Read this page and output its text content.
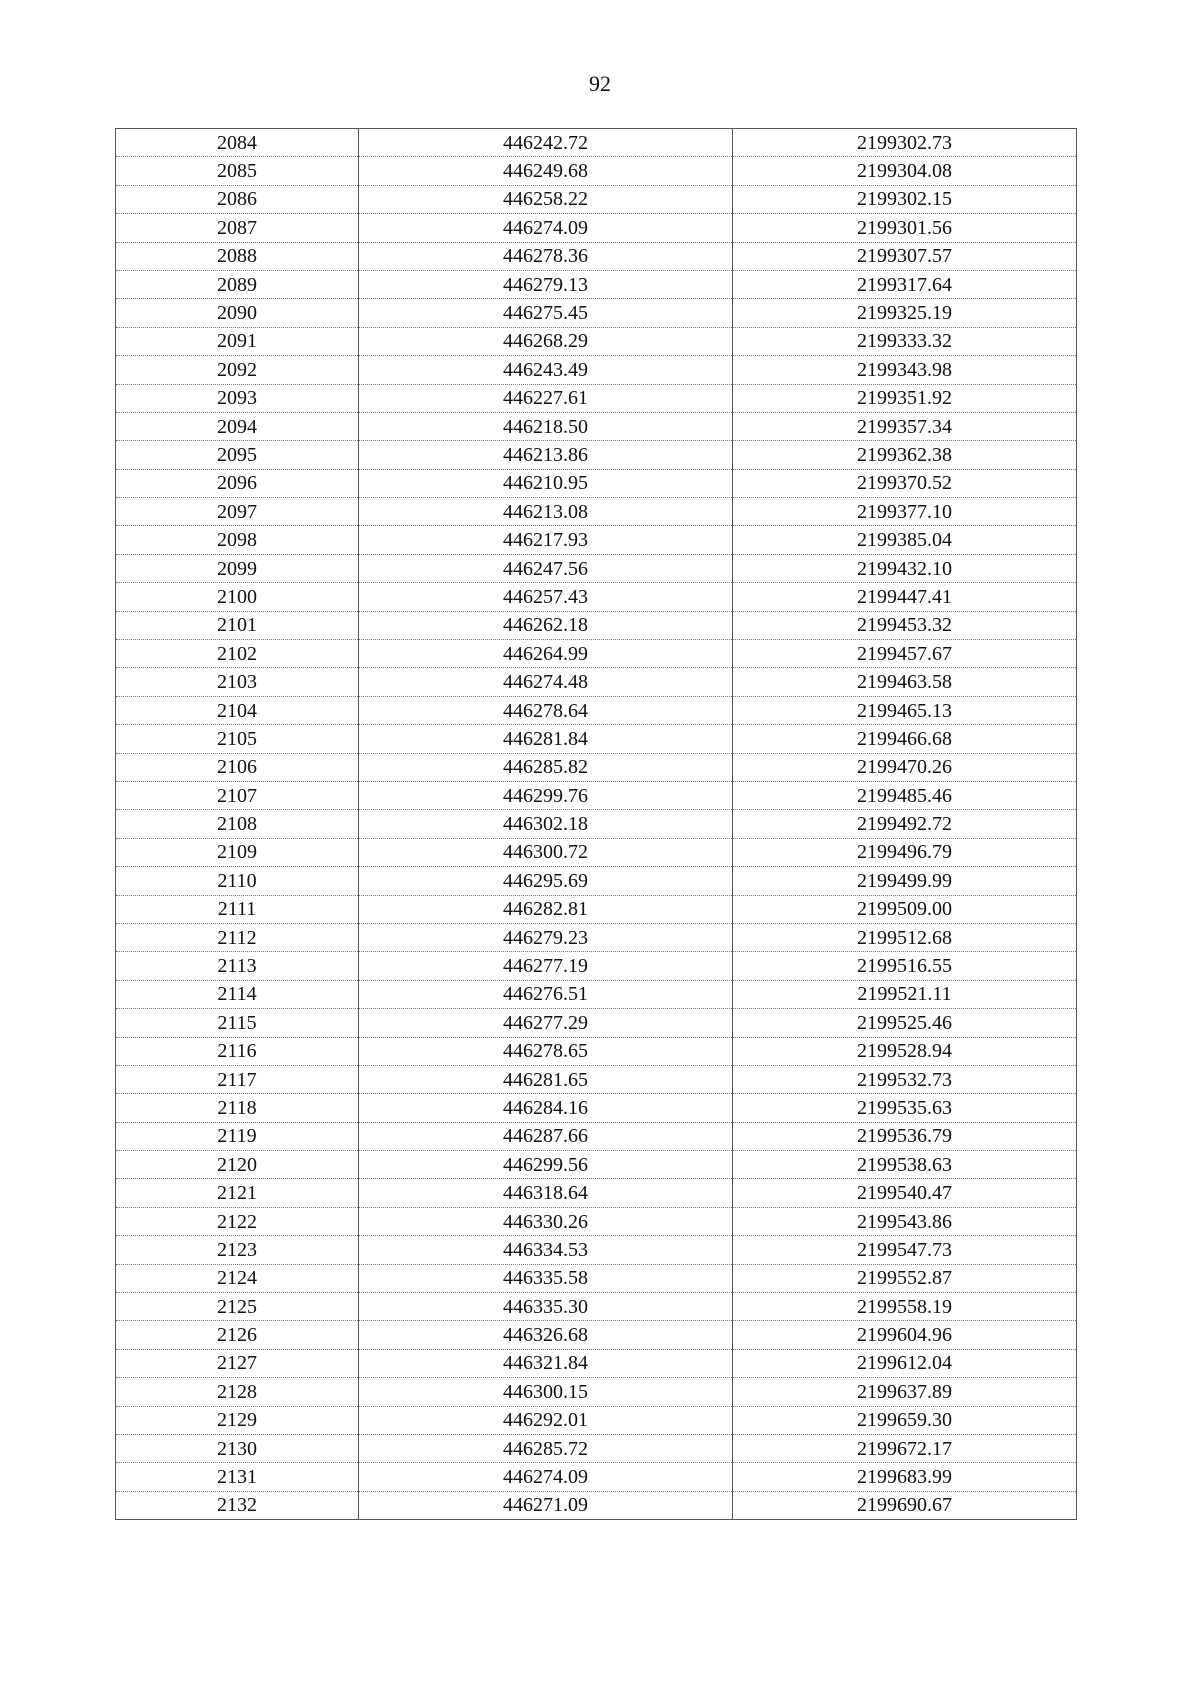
92
2084	446242.72	2199302.73
2085	446249.68	2199304.08
2086	446258.22	2199302.15
2087	446274.09	2199301.56
2088	446278.36	2199307.57
2089	446279.13	2199317.64
2090	446275.45	2199325.19
2091	446268.29	2199333.32
2092	446243.49	2199343.98
2093	446227.61	2199351.92
2094	446218.50	2199357.34
2095	446213.86	2199362.38
2096	446210.95	2199370.52
2097	446213.08	2199377.10
2098	446217.93	2199385.04
2099	446247.56	2199432.10
2100	446257.43	2199447.41
2101	446262.18	2199453.32
2102	446264.99	2199457.67
2103	446274.48	2199463.58
2104	446278.64	2199465.13
2105	446281.84	2199466.68
2106	446285.82	2199470.26
2107	446299.76	2199485.46
2108	446302.18	2199492.72
2109	446300.72	2199496.79
2110	446295.69	2199499.99
2111	446282.81	2199509.00
2112	446279.23	2199512.68
2113	446277.19	2199516.55
2114	446276.51	2199521.11
2115	446277.29	2199525.46
2116	446278.65	2199528.94
2117	446281.65	2199532.73
2118	446284.16	2199535.63
2119	446287.66	2199536.79
2120	446299.56	2199538.63
2121	446318.64	2199540.47
2122	446330.26	2199543.86
2123	446334.53	2199547.73
2124	446335.58	2199552.87
2125	446335.30	2199558.19
2126	446326.68	2199604.96
2127	446321.84	2199612.04
2128	446300.15	2199637.89
2129	446292.01	2199659.30
2130	446285.72	2199672.17
2131	446274.09	2199683.99
2132	446271.09	2199690.67
